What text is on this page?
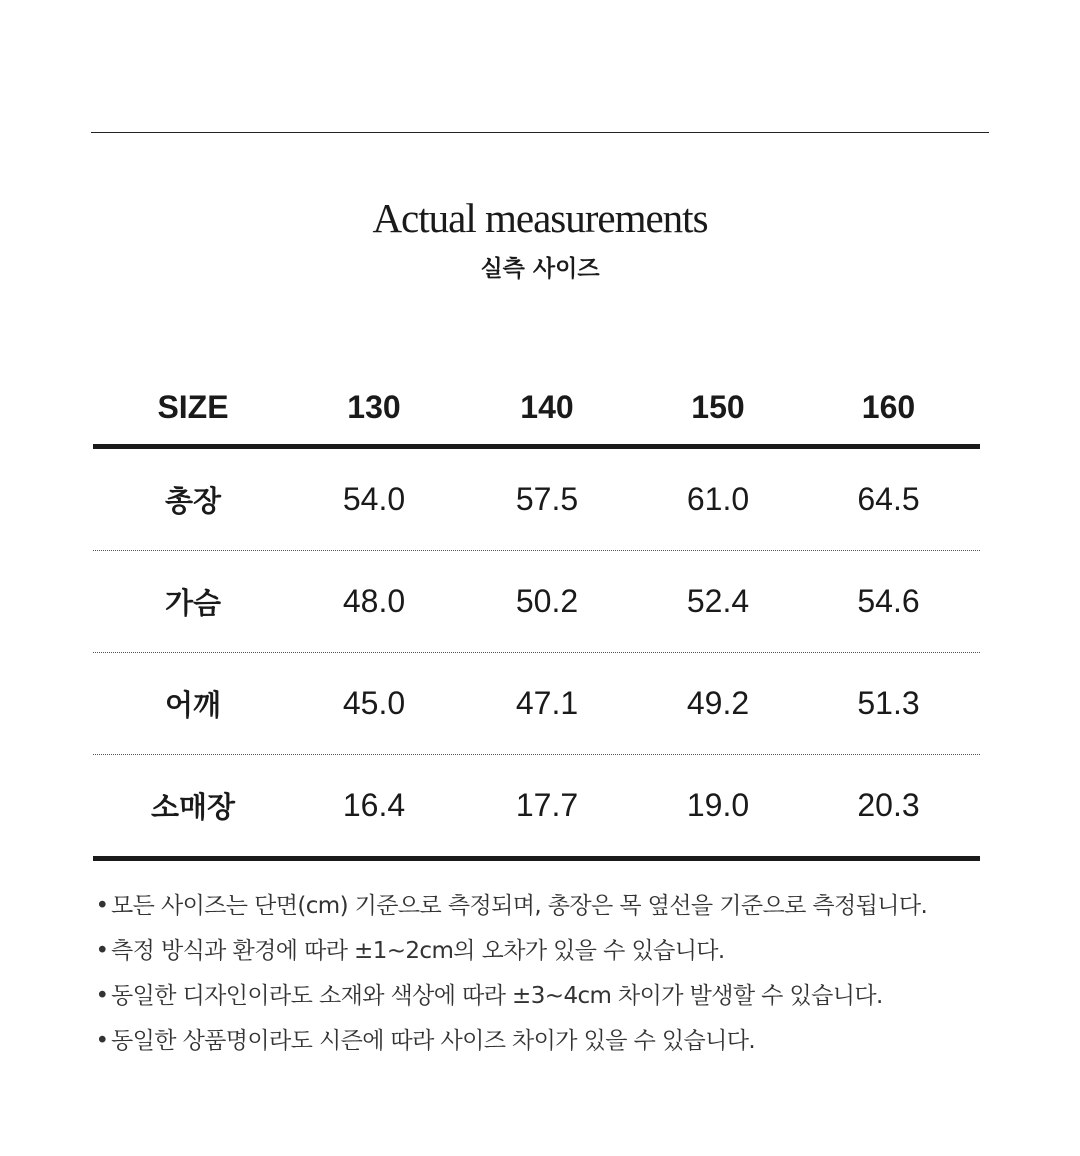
Actual measurements
실측 사이즈
SIZE	130	140	150	160
총장	54.0	57.5	61.0	64.5
가슴	48.0	50.2	52.4	54.6
어깨	45.0	47.1	49.2	51.3
소매장	16.4	17.7	19.0	20.3
• 모든 사이즈는 단면(cm) 기준으로 측정되며, 총장은 목 옆선을 기준으로 측정됩니다.
• 측정 방식과 환경에 따라 ±1~2cm의 오차가 있을 수 있습니다.
• 동일한 디자인이라도 소재와 색상에 따라 ±3~4cm 차이가 발생할 수 있습니다.
• 동일한 상품명이라도 시즌에 따라 사이즈 차이가 있을 수 있습니다.
